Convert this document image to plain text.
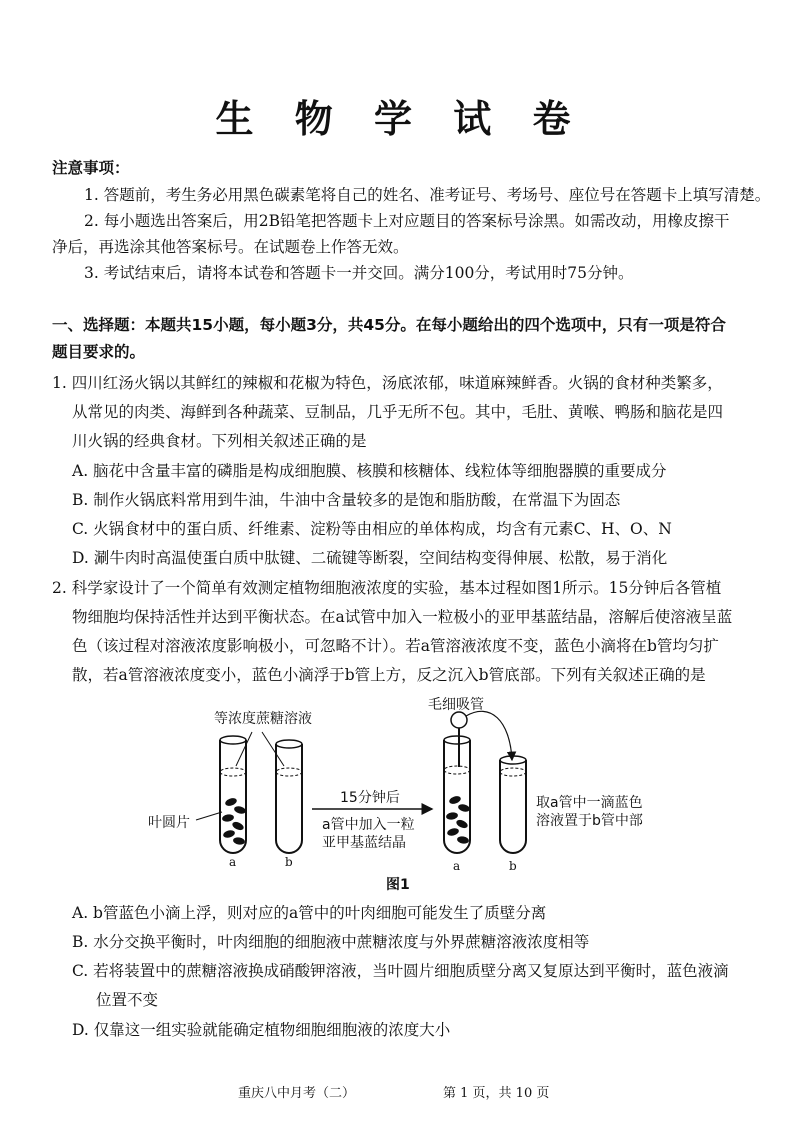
生 物 学 试 卷
注意事项：
1. 答题前，考生务必用黑色碳素笔将自己的姓名、准考证号、考场号、座位号在答题卡上填写清楚。
2. 每小题选出答案后，用2B铅笔把答题卡上对应题目的答案标号涂黑。如需改动，用橡皮擦干
净后，再选涂其他答案标号。在试题卷上作答无效。
3. 考试结束后，请将本试卷和答题卡一并交回。满分100分，考试用时75分钟。
一、选择题：本题共15小题，每小题3分，共45分。在每小题给出的四个选项中，只有一项是符合
题目要求的。
1. 四川红汤火锅以其鲜红的辣椒和花椒为特色，汤底浓郁，味道麻辣鲜香。火锅的食材种类繁多，
从常见的肉类、海鲜到各种蔬菜、豆制品，几乎无所不包。其中，毛肚、黄喉、鸭肠和脑花是四
川火锅的经典食材。下列相关叙述正确的是
A. 脑花中含量丰富的磷脂是构成细胞膜、核膜和核糖体、线粒体等细胞器膜的重要成分
B. 制作火锅底料常用到牛油，牛油中含量较多的是饱和脂肪酸，在常温下为固态
C. 火锅食材中的蛋白质、纤维素、淀粉等由相应的单体构成，均含有元素C、H、O、N
D. 涮牛肉时高温使蛋白质中肽键、二硫键等断裂，空间结构变得伸展、松散，易于消化
2. 科学家设计了一个简单有效测定植物细胞液浓度的实验，基本过程如图1所示。15分钟后各管植
物细胞均保持活性并达到平衡状态。在a试管中加入一粒极小的亚甲基蓝结晶，溶解后使溶液呈蓝
色（该过程对溶液浓度影响极小，可忽略不计）。若a管溶液浓度不变，蓝色小滴将在b管均匀扩
散，若a管溶液浓度变小，蓝色小滴浮于b管上方，反之沉入b管底部。下列有关叙述正确的是
等浓度蔗糖溶液
毛细吸管
叶圆片
15分钟后
a管中加入一粒
亚甲基蓝结晶
取a管中一滴蓝色
溶液置于b管中部
a	b	a	b
图1
A. b管蓝色小滴上浮，则对应的a管中的叶肉细胞可能发生了质壁分离
B. 水分交换平衡时，叶肉细胞的细胞液中蔗糖浓度与外界蔗糖溶液浓度相等
C. 若将装置中的蔗糖溶液换成硝酸钾溶液，当叶圆片细胞质壁分离又复原达到平衡时，蓝色液滴
位置不变
D. 仅靠这一组实验就能确定植物细胞细胞液的浓度大小
重庆八中月考（二）	第 1 页，共 10 页
